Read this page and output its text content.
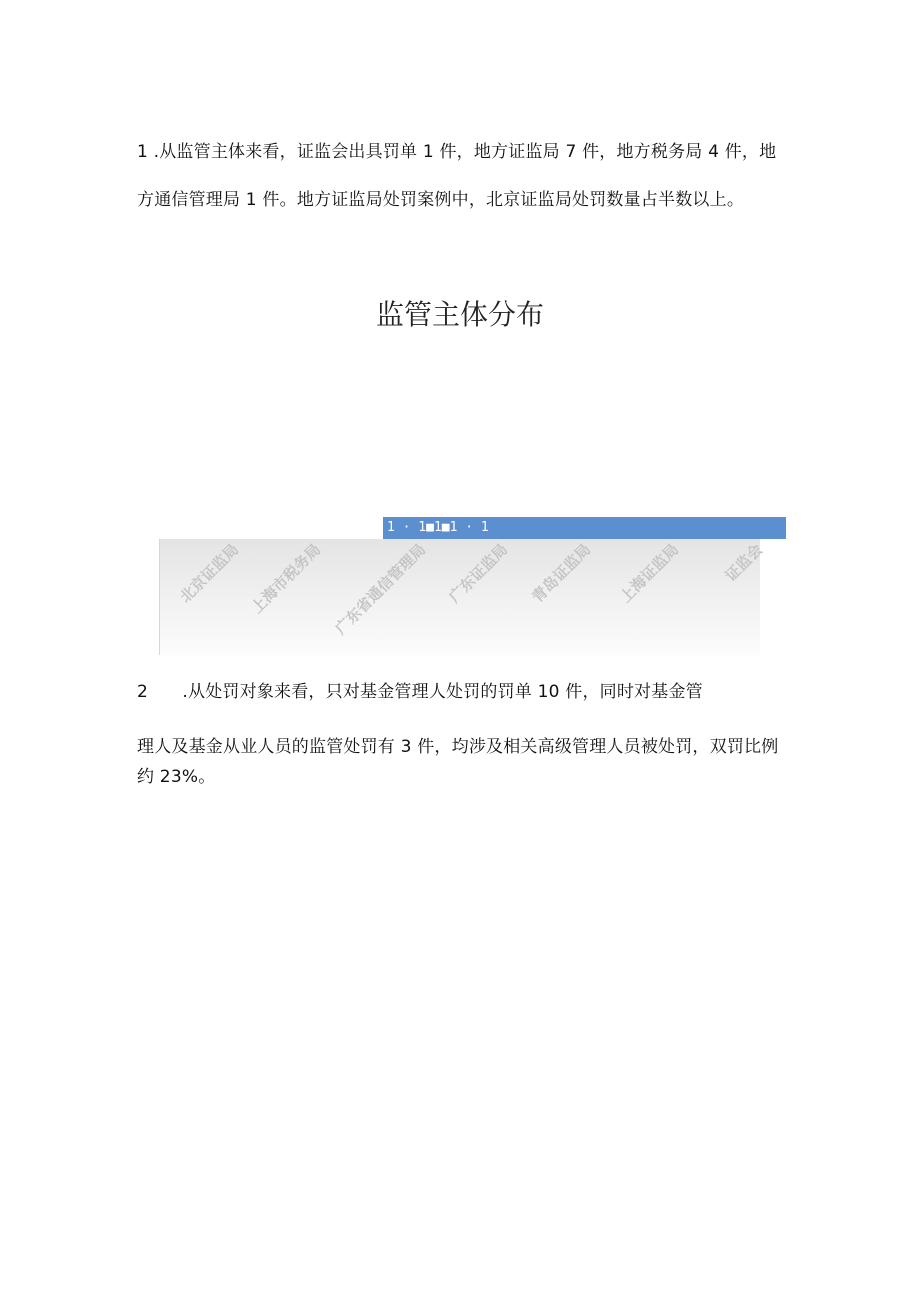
1 .从监管主体来看，证监会出具罚单 1 件，地方证监局 7 件，地方税务局 4 件，地方通信管理局 1 件。地方证监局处罚案例中，北京证监局处罚数量占半数以上。

监管主体分布
1 · 1■1■1 · 1
北京证监局 上海市税务局 广东省通信管理局 广东证监局 青岛证监局 上海证监局	证监会
2　　.从处罚对象来看，只对基金管理人处罚的罚单 10 件，同时对基金管
理人及基金从业人员的监管处罚有 3 件，均涉及相关高级管理人员被处罚，双罚比例约 23%。
